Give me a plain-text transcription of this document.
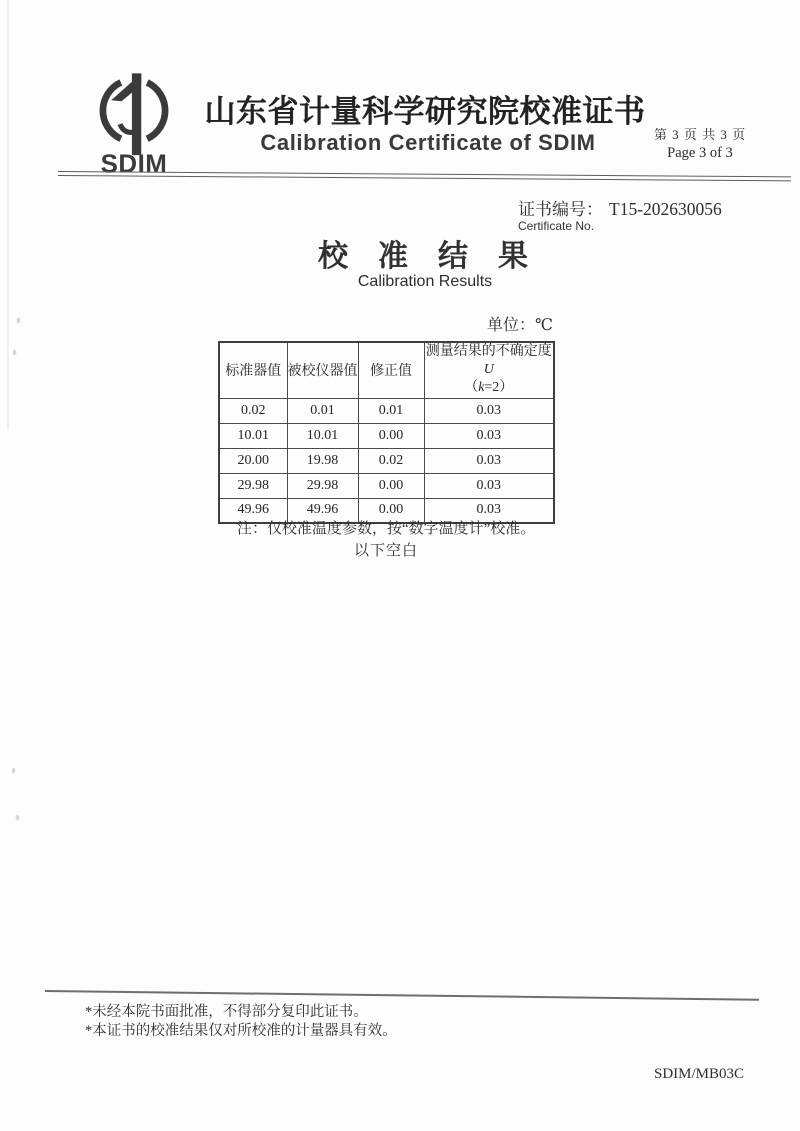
SDIM
山东省计量科学研究院校准证书
Calibration Certificate of SDIM	第 3 页 共 3 页
Page 3 of 3
证书编号： T15-202630056
Certificate No.
校　准　结　果
Calibration Results
单位：℃
标准器值	被校仪器值	修正值	测量结果的不确定度U
（k=2）
0.02	0.01	0.01	0.03
10.01	10.01	0.00	0.03
20.00	19.98	0.02	0.03
29.98	29.98	0.00	0.03
49.96	49.96	0.00	0.03
注：仅校准温度参数，按“数字温度计”校准。
以下空白
*未经本院书面批准，不得部分复印此证书。
*本证书的校准结果仅对所校准的计量器具有效。
SDIM/MB03C
